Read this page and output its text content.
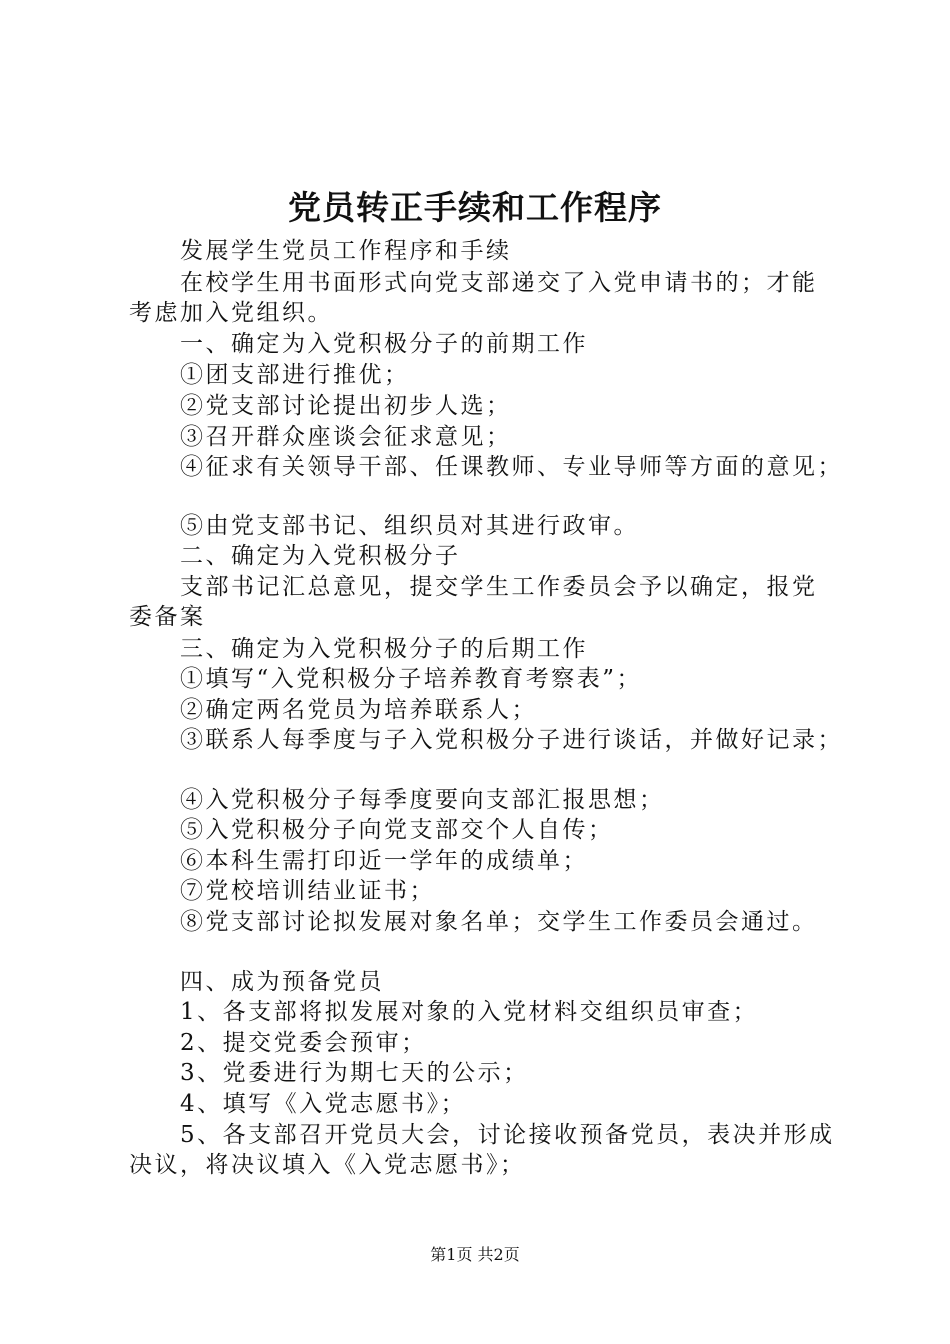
党员转正手续和工作程序
发展学生党员工作程序和手续
在校学生用书面形式向党支部递交了入党申请书的；才能
考虑加入党组织。
一、确定为入党积极分子的前期工作
①团支部进行推优；
②党支部讨论提出初步人选；
③召开群众座谈会征求意见；
④征求有关领导干部、任课教师、专业导师等方面的意见；
⑤由党支部书记、组织员对其进行政审。
二、确定为入党积极分子
支部书记汇总意见，提交学生工作委员会予以确定，报党
委备案
三、确定为入党积极分子的后期工作
①填写“入党积极分子培养教育考察表”；
②确定两名党员为培养联系人；
③联系人每季度与子入党积极分子进行谈话，并做好记录；
④入党积极分子每季度要向支部汇报思想；
⑤入党积极分子向党支部交个人自传；
⑥本科生需打印近一学年的成绩单；
⑦党校培训结业证书；
⑧党支部讨论拟发展对象名单；交学生工作委员会通过。
四、成为预备党员
1、各支部将拟发展对象的入党材料交组织员审查；
2、提交党委会预审；
3、党委进行为期七天的公示；
4、填写《入党志愿书》；
5、各支部召开党员大会，讨论接收预备党员，表决并形成
决议，将决议填入《入党志愿书》；
第1页 共2页
